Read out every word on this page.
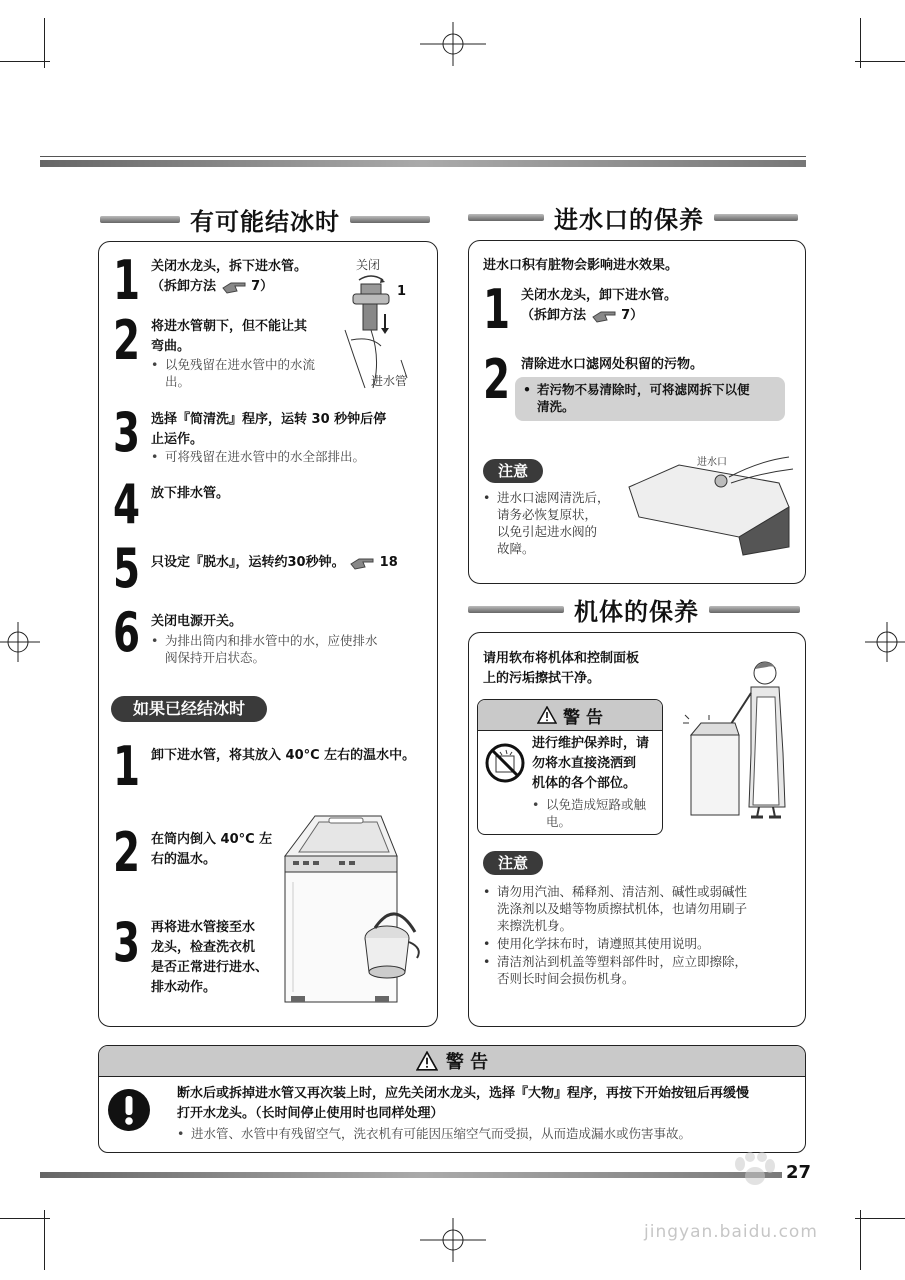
有可能结冰时
1 关闭水龙头，拆下进水管。
（拆卸方法	7）
关闭
1
进水管
2 将进水管朝下，但不能让其
弯曲。
• 以免残留在进水管中的水流
出。
3 选择『简清洗』程序，运转 30 秒钟后停
止运作。
• 可将残留在进水管中的水全部排出。
4 放下排水管。
5 只设定『脱水』，运转约30秒钟。	18
6 关闭电源开关。
• 为排出筒内和排水管中的水，应使排水
阀保持开启状态。
如果已经结冰时
1 卸下进水管，将其放入 40°C 左右的温水中。
2 在筒内倒入 40°C 左
右的温水。
3 再将进水管接至水
龙头，检查洗衣机
是否正常进行进水、
排水动作。
进水口的保养
进水口积有脏物会影响进水效果。
1 关闭水龙头，卸下进水管。
（拆卸方法	7）
2 清除进水口滤网处积留的污物。
• 若污物不易清除时，可将滤网拆下以便
清洗。
注意
• 进水口滤网清洗后，
请务必恢复原状，
以免引起进水阀的
故障。
进水口
机体的保养
请用软布将机体和控制面板
上的污垢擦拭干净。
警 告
进行维护保养时，请
勿将水直接浇洒到
机体的各个部位。
• 以免造成短路或触
电。
注意
• 请勿用汽油、稀释剂、清洁剂、碱性或弱碱性
洗涤剂以及蜡等物质擦拭机体，也请勿用刷子
来擦洗机身。
• 使用化学抹布时，请遵照其使用说明。
• 清洁剂沾到机盖等塑料部件时，应立即擦除，
否则长时间会损伤机身。
警 告
断水后或拆掉进水管又再次装上时，应先关闭水龙头，选择『大物』程序，再按下开始按钮后再缓慢
打开水龙头。（长时间停止使用时也同样处理）
• 进水管、水管中有残留空气，洗衣机有可能因压缩空气而受损，从而造成漏水或伤害事故。
27
jingyan.baidu.com
